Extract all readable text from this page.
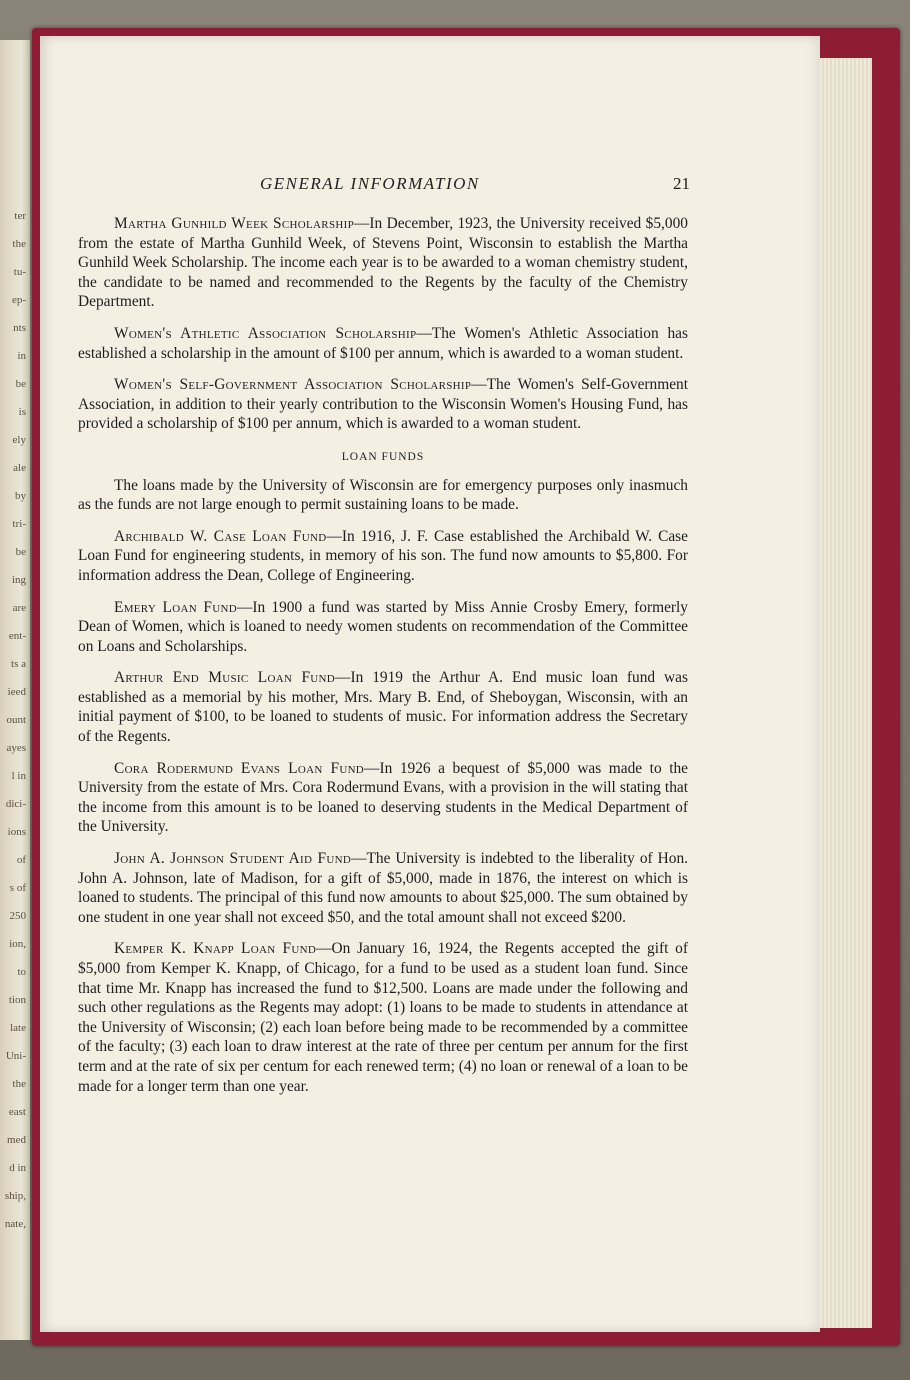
ter
the
tu-
ep-
nts
in
be
is
ely
ale
by
tri-
be
ing
are
ent-
ts a
ieed
ount
ayes
l in
dici-
ions
of
s of
250
ion,
to
tion
late
Uni-
the
east
med
d in
ship,
nate,
GENERAL INFORMATION	21

Martha Gunhild Week Scholarship—In December, 1923, the University received $5,000 from the estate of Martha Gunhild Week, of Stevens Point, Wisconsin to establish the Martha Gunhild Week Scholarship. The income each year is to be awarded to a woman chemistry student, the candidate to be named and recommended to the Regents by the faculty of the Chemistry Department.

Women's Athletic Association Scholarship—The Women's Athletic Association has established a scholarship in the amount of $100 per annum, which is awarded to a woman student.

Women's Self-Government Association Scholarship—The Women's Self-Government Association, in addition to their yearly contribution to the Wisconsin Women's Housing Fund, has provided a scholarship of $100 per annum, which is awarded to a woman student.

LOAN FUNDS

The loans made by the University of Wisconsin are for emergency purposes only inasmuch as the funds are not large enough to permit sustaining loans to be made.

Archibald W. Case Loan Fund—In 1916, J. F. Case established the Archibald W. Case Loan Fund for engineering students, in memory of his son. The fund now amounts to $5,800. For information address the Dean, College of Engineering.

Emery Loan Fund—In 1900 a fund was started by Miss Annie Crosby Emery, formerly Dean of Women, which is loaned to needy women students on recommendation of the Committee on Loans and Scholarships.

Arthur End Music Loan Fund—In 1919 the Arthur A. End music loan fund was established as a memorial by his mother, Mrs. Mary B. End, of Sheboygan, Wisconsin, with an initial payment of $100, to be loaned to students of music. For information address the Secretary of the Regents.

Cora Rodermund Evans Loan Fund—In 1926 a bequest of $5,000 was made to the University from the estate of Mrs. Cora Rodermund Evans, with a provision in the will stating that the income from this amount is to be loaned to deserving students in the Medical Department of the University.

John A. Johnson Student Aid Fund—The University is indebted to the liberality of Hon. John A. Johnson, late of Madison, for a gift of $5,000, made in 1876, the interest on which is loaned to students. The principal of this fund now amounts to about $25,000. The sum obtained by one student in one year shall not exceed $50, and the total amount shall not exceed $200.

Kemper K. Knapp Loan Fund—On January 16, 1924, the Regents accepted the gift of $5,000 from Kemper K. Knapp, of Chicago, for a fund to be used as a student loan fund. Since that time Mr. Knapp has increased the fund to $12,500. Loans are made under the following and such other regulations as the Regents may adopt: (1) loans to be made to students in attendance at the University of Wisconsin; (2) each loan before being made to be recommended by a committee of the faculty; (3) each loan to draw interest at the rate of three per centum per annum for the first term and at the rate of six per centum for each renewed term; (4) no loan or renewal of a loan to be made for a longer term than one year.
